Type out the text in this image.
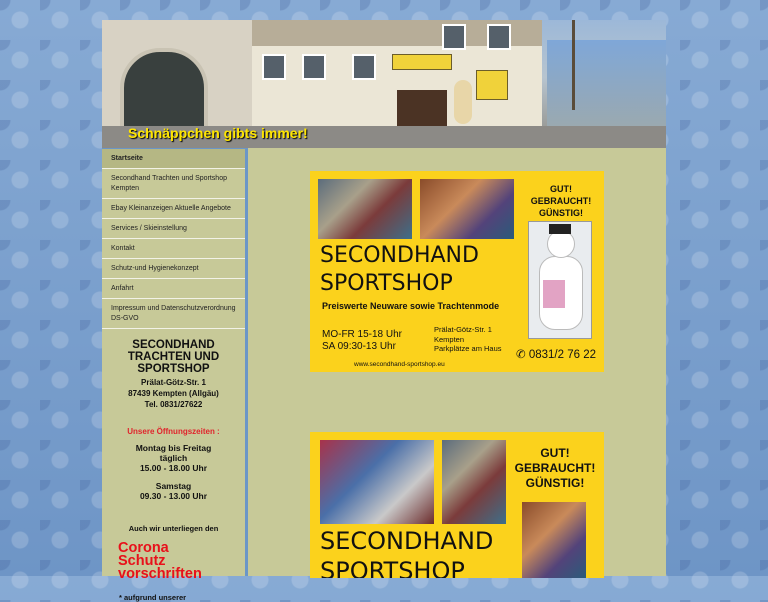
Schnäppchen gibts immer!

Startseite
Secondhand Trachten und Sportshop Kempten
Ebay Kleinanzeigen Aktuelle Angebote
Services / Skieinstellung
Kontakt
Schutz-und Hygienekonzept
Anfahrt
Impressum und Datenschutzverordnung DS-GVO

SECONDHAND
TRACHTEN UND
SPORTSHOP

Prälat-Götz-Str. 1

87439 Kempten (Allgäu)

Tel. 0831/27622

Unsere Öffnungszeiten :

Montag bis Freitag
täglich
15.00 - 18.00 Uhr

Samstag
09.30 - 13.00 Uhr

Auch wir unterliegen den

Corona
Schutz
vorschriften

* aufgrund unserer

GUT!
GEBRAUCHT!
GÜNSTIG!

SECONDHAND

SPORTSHOP

Preiswerte Neuware sowie Trachtenmode
MO-FR 15-18 Uhr
SA 09:30-13 Uhr
Prälat-Götz-Str. 1
Kempten
Parkplätze am Haus
www.secondhand-sportshop.eu
✆ 0831/2 76 22
GUT!
GEBRAUCHT!
GÜNSTIG!

SECONDHAND

SPORTSHOP
